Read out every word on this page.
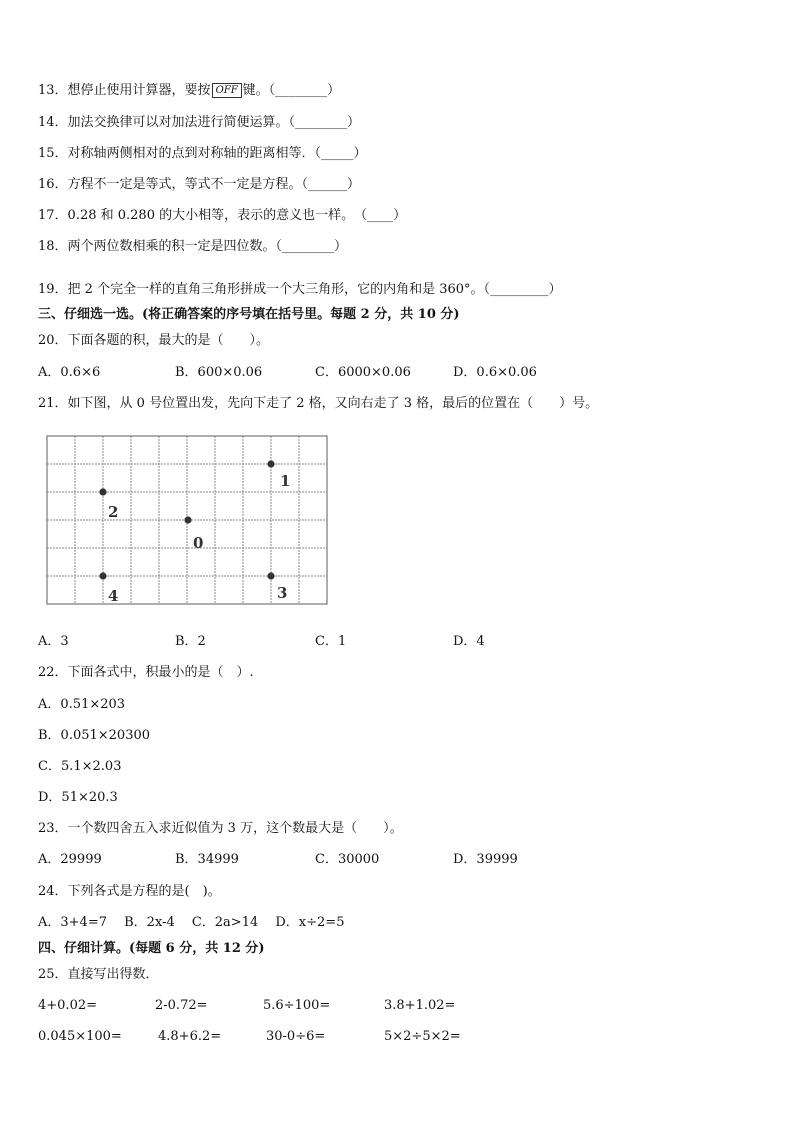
13．想停止使用计算器，要按 OFF 键。（________）
14．加法交换律可以对加法进行简便运算。（________）
15．对称轴两侧相对的点到对称轴的距离相等．（_____）
16．方程不一定是等式，等式不一定是方程。（______）
17．0.28 和 0.280 的大小相等，表示的意义也一样。　（____）
18．两个两位数相乘的积一定是四位数。（________）
19．把 2 个完全一样的直角三角形拼成一个大三角形，它的内角和是 360°。（_________）
三、仔细选一选。(将正确答案的序号填在括号里。每题 2 分，共 10 分)
20．下面各题的积，最大的是（　　）。
A．0.6×6	B．600×0.06	C．6000×0.06	D．0.6×0.06
21．如下图，从 0 号位置出发，先向下走了 2 格，又向右走了 3 格，最后的位置在（　　）号。
1
2
0
4	3
A．3	B．2	C．1	D．4
22．下面各式中，积最小的是（　）.
A．0.51×203
B．0.051×20300
C．5.1×2.03
D．51×20.3
23．一个数四舍五入求近似值为 3 万，这个数最大是（　　）。
A．29999	B．34999	C．30000	D．39999
24．下列各式是方程的是(　)。
A．3+4=7　 B．2x-4　 C．2a>14　 D．x÷2=5
四、仔细计算。(每题 6 分，共 12 分)
25．直接写出得数．
4+0.02=	2-0.72=	5.6÷100=	3.8+1.02=
0.045×100=	4.8+6.2=	30-0÷6=	5×2÷5×2=
